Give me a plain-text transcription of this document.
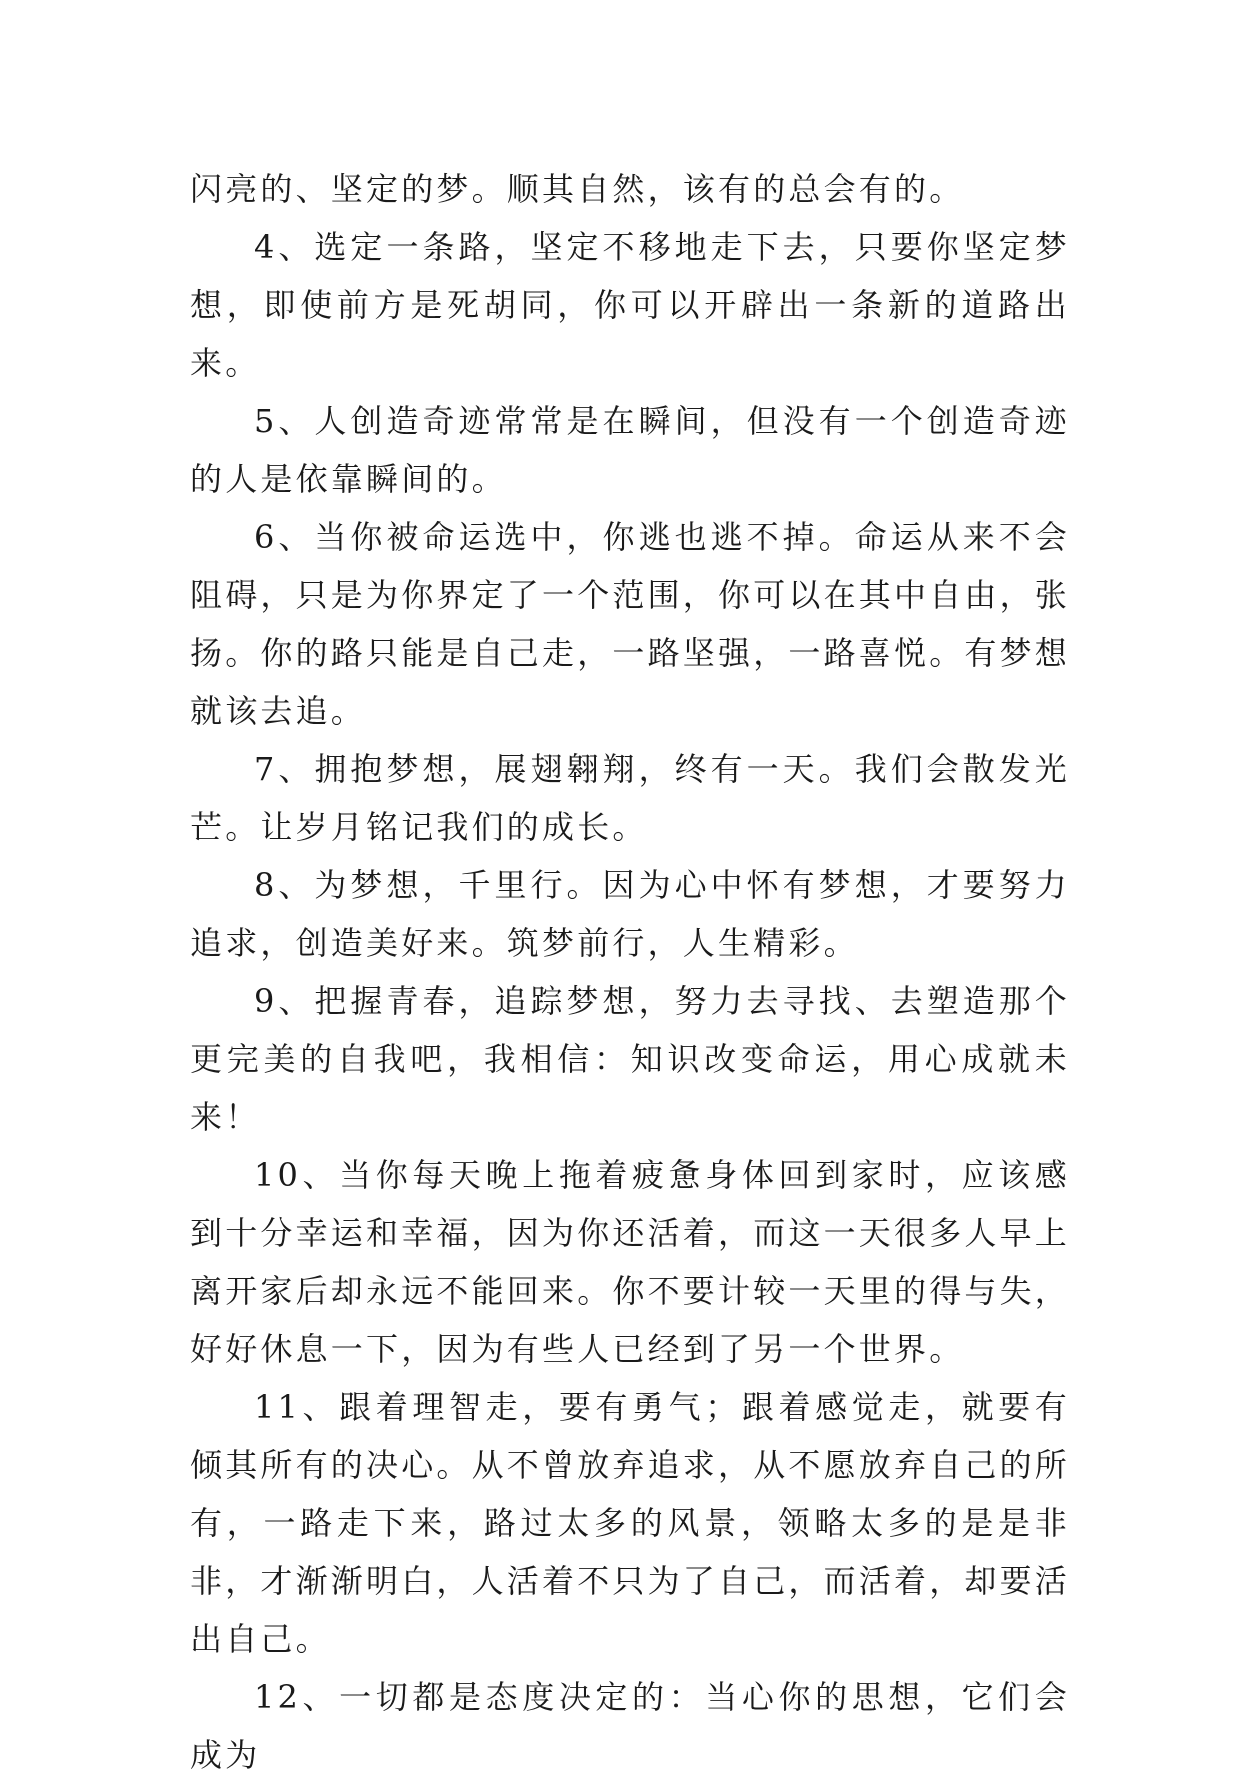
闪亮的、坚定的梦。顺其自然，该有的总会有的。

4、选定一条路，坚定不移地走下去，只要你坚定梦想，即使前方是死胡同，你可以开辟出一条新的道路出来。

5、人创造奇迹常常是在瞬间，但没有一个创造奇迹的人是依靠瞬间的。

6、当你被命运选中，你逃也逃不掉。命运从来不会阻碍，只是为你界定了一个范围，你可以在其中自由，张扬。你的路只能是自己走，一路坚强，一路喜悦。有梦想就该去追。

7、拥抱梦想，展翅翱翔，终有一天。我们会散发光芒。让岁月铭记我们的成长。

8、为梦想，千里行。因为心中怀有梦想，才要努力追求，创造美好来。筑梦前行，人生精彩。

9、把握青春，追踪梦想，努力去寻找、去塑造那个更完美的自我吧，我相信：知识改变命运，用心成就未来！

10、当你每天晚上拖着疲惫身体回到家时，应该感到十分幸运和幸福，因为你还活着，而这一天很多人早上离开家后却永远不能回来。你不要计较一天里的得与失，好好休息一下，因为有些人已经到了另一个世界。

11、跟着理智走，要有勇气；跟着感觉走，就要有倾其所有的决心。从不曾放弃追求，从不愿放弃自己的所有，一路走下来，路过太多的风景，领略太多的是是非非，才渐渐明白，人活着不只为了自己，而活着，却要活出自己。

12、一切都是态度决定的：当心你的思想，它们会成为
